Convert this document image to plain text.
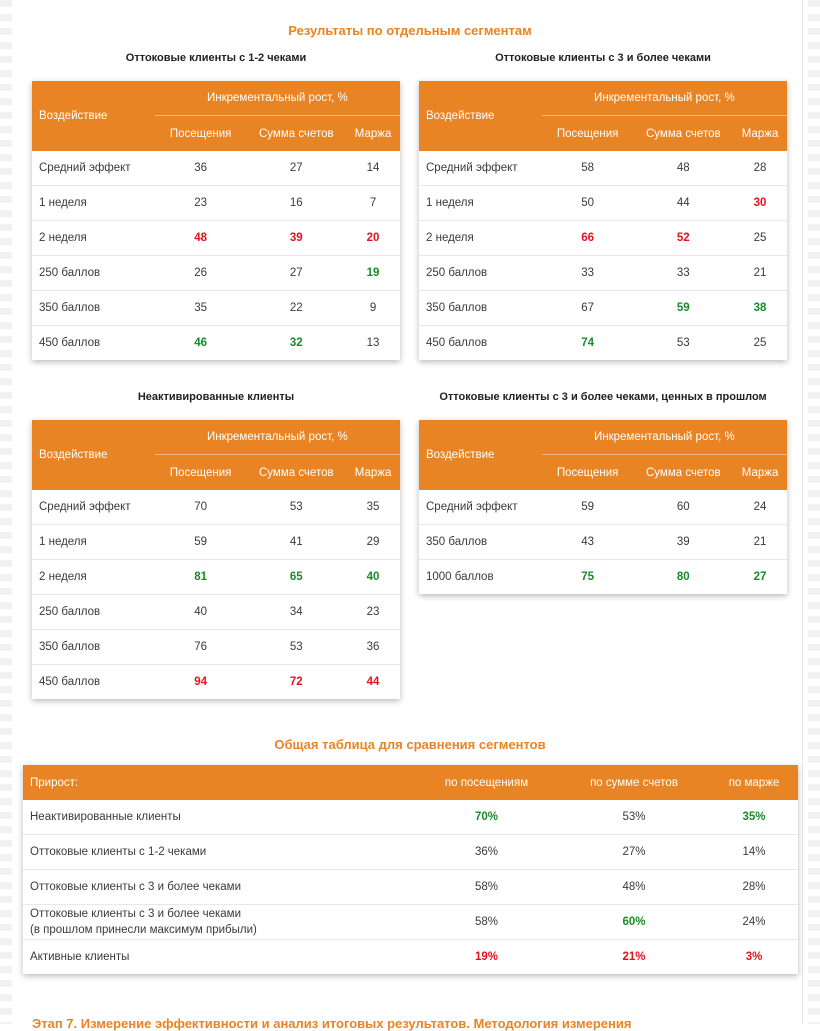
Результаты по отдельным сегментам
Оттоковые клиенты с 1-2 чеками
Воздействие	Инкрементальный рост, %		
	Посещения	Сумма счетов	Маржа
Средний эффект	36	27	14
1 неделя	23	16	7
2 неделя	48	39	20
250 баллов	26	27	19
350 баллов	35	22	9
450 баллов	46	32	13
Оттоковые клиенты с 3 и более чеками
Воздействие	Инкрементальный рост, %		
	Посещения	Сумма счетов	Маржа
Средний эффект	58	48	28
1 неделя	50	44	30
2 неделя	66	52	25
250 баллов	33	33	21
350 баллов	67	59	38
450 баллов	74	53	25
Неактивированные клиенты
Воздействие	Инкрементальный рост, %		
	Посещения	Сумма счетов	Маржа
Средний эффект	70	53	35
1 неделя	59	41	29
2 неделя	81	65	40
250 баллов	40	34	23
350 баллов	76	53	36
450 баллов	94	72	44
Оттоковые клиенты с 3 и более чеками, ценных в прошлом
Воздействие	Инкрементальный рост, %		
	Посещения	Сумма счетов	Маржа
Средний эффект	59	60	24
350 баллов	43	39	21
1000 баллов	75	80	27
Общая таблица для сравнения сегментов
Прирост:	по посещениям	по сумме счетов	по марже
Неактивированные клиенты	70%	53%	35%
Оттоковые клиенты с 1-2 чеками	36%	27%	14%
Оттоковые клиенты с 3 и более чеками	58%	48%	28%

Оттоковые клиенты с 3 и более чеками
(в прошлом принесли максимум прибыли)	58%	60%	24%
Активные клиенты	19%	21%	3%
Этап 7. Измерение эффективности и анализ итоговых результатов. Методология измерения
